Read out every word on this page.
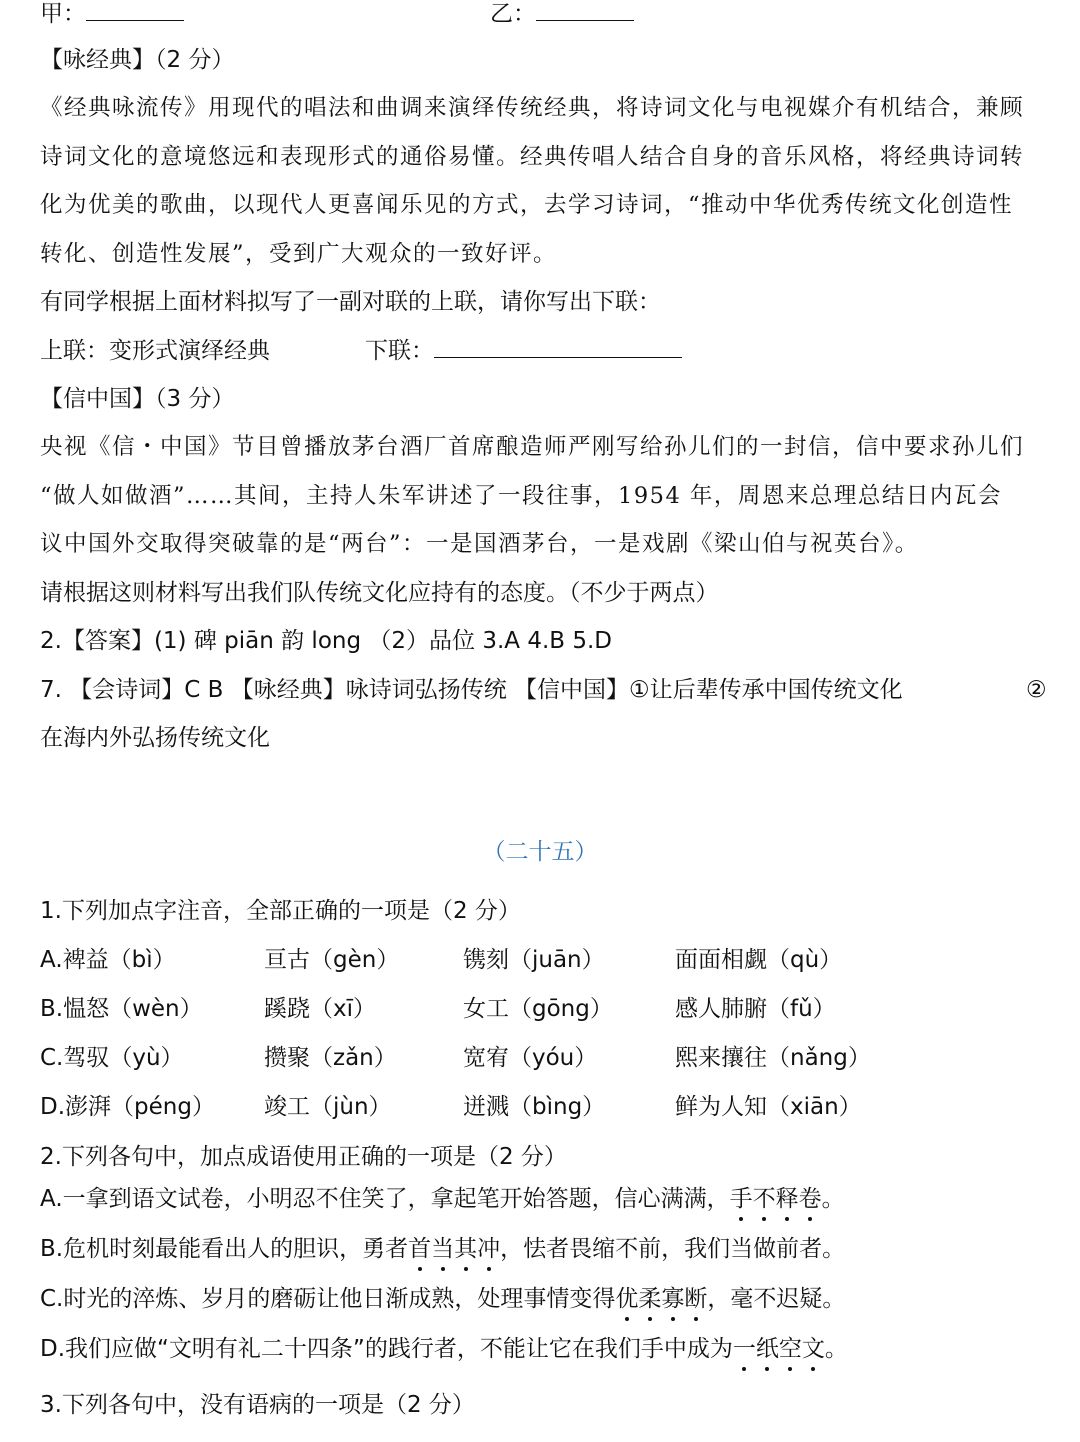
甲：	乙：
【咏经典】（2 分）
《经典咏流传》用现代的唱法和曲调来演绎传统经典，将诗词文化与电视媒介有机结合，兼顾
诗词文化的意境悠远和表现形式的通俗易懂。经典传唱人结合自身的音乐风格，将经典诗词转
化为优美的歌曲，以现代人更喜闻乐见的方式，去学习诗词，“推动中华优秀传统文化创造性
转化、创造性发展”，受到广大观众的一致好评。
有同学根据上面材料拟写了一副对联的上联，请你写出下联：
上联：变形式演绎经典	下联：
【信中国】（3 分）
央视《信・中国》节目曾播放茅台酒厂首席酿造师严刚写给孙儿们的一封信，信中要求孙儿们
“做人如做酒”……其间，主持人朱军讲述了一段往事，1954 年，周恩来总理总结日内瓦会
议中国外交取得突破靠的是“两台”：一是国酒茅台，一是戏剧《梁山伯与祝英台》。
请根据这则材料写出我们队传统文化应持有的态度。（不少于两点）
2.【答案】(1) 碑 piān 韵 long （2）品位 3.A 4.B 5.D
7. 【会诗词】C B 【咏经典】咏诗词弘扬传统 【信中国】①让后辈传承中国传统文化	②
在海内外弘扬传统文化
（二十五）
1.下列加点字注音，全部正确的一项是（2 分）
A.裨益（bì）	亘古（gèn）	镌刻（juān）	面面相觑（qù）
B.愠怒（wèn）	蹊跷（xī）	女工（gōng）	感人肺腑（fǔ）
C.驾驭（yù）	攒聚（zǎn）	宽宥（yóu）	熙来攘往（nǎng）
D.澎湃（péng） 竣工（jùn）	迸溅（bìng）	鲜为人知（xiān）
2.下列各句中，加点成语使用正确的一项是（2 分）
A.一拿到语文试卷，小明忍不住笑了，拿起笔开始答题，信心满满，手不释卷。
B.危机时刻最能看出人的胆识，勇者首当其冲，怯者畏缩不前，我们当做前者。
C.时光的淬炼、岁月的磨砺让他日渐成熟，处理事情变得优柔寡断，毫不迟疑。
D.我们应做“文明有礼二十四条”的践行者，不能让它在我们手中成为一纸空文。
3.下列各句中，没有语病的一项是（2 分）
